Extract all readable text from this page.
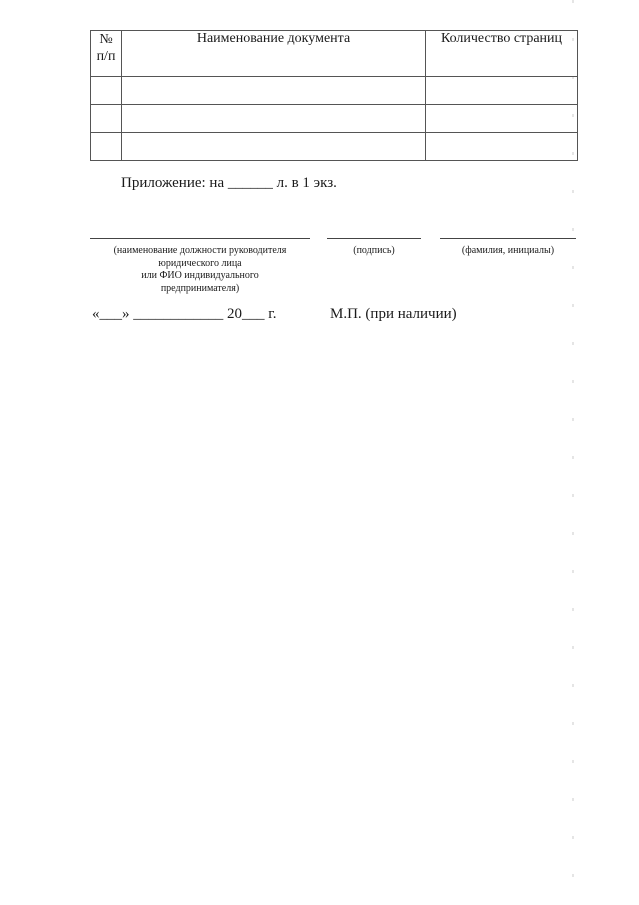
№
п/п	Наименование документа	Количество страниц

Приложение: на ______ л. в 1 экз.
(наименование должности руководителя
юридического лица
или ФИО индивидуального
предпринимателя)
(подпись)	(фамилия, инициалы)
«___» ____________ 20___ г.	М.П. (при наличии)
